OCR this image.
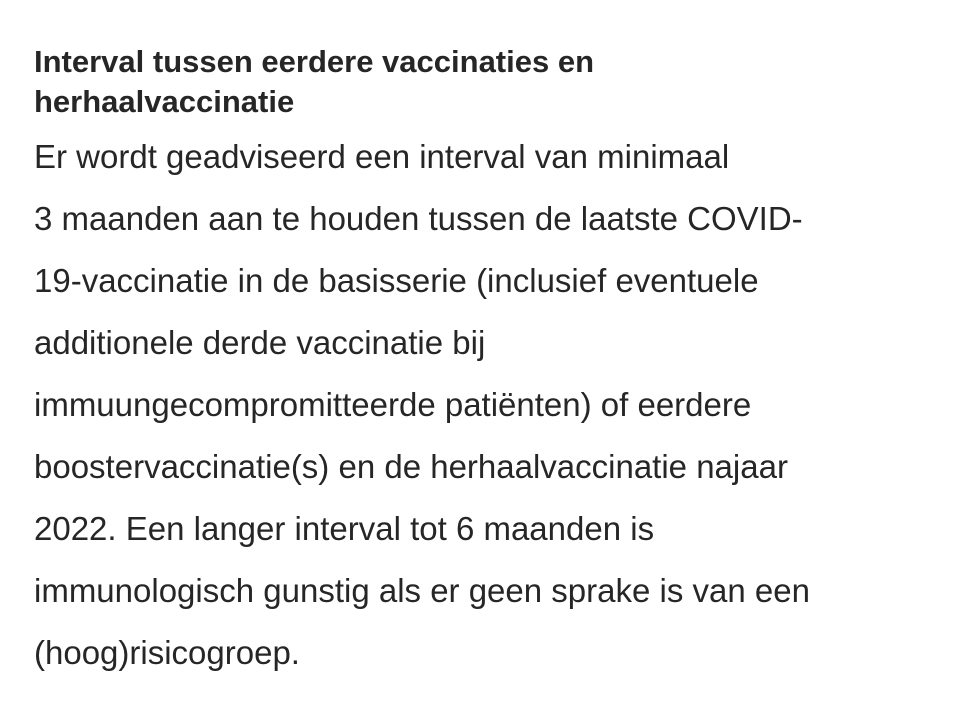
Interval tussen eerdere vaccinaties en
herhaalvaccinatie

Er wordt geadviseerd een interval van minimaal
3 maanden aan te houden tussen de laatste COVID-
19-vaccinatie in de basisserie (inclusief eventuele
additionele derde vaccinatie bij
immuungecompromitteerde patiënten) of eerdere
boostervaccinatie(s) en de herhaalvaccinatie najaar
2022. Een langer interval tot 6 maanden is
immunologisch gunstig als er geen sprake is van een
(hoog)risicogroep.
